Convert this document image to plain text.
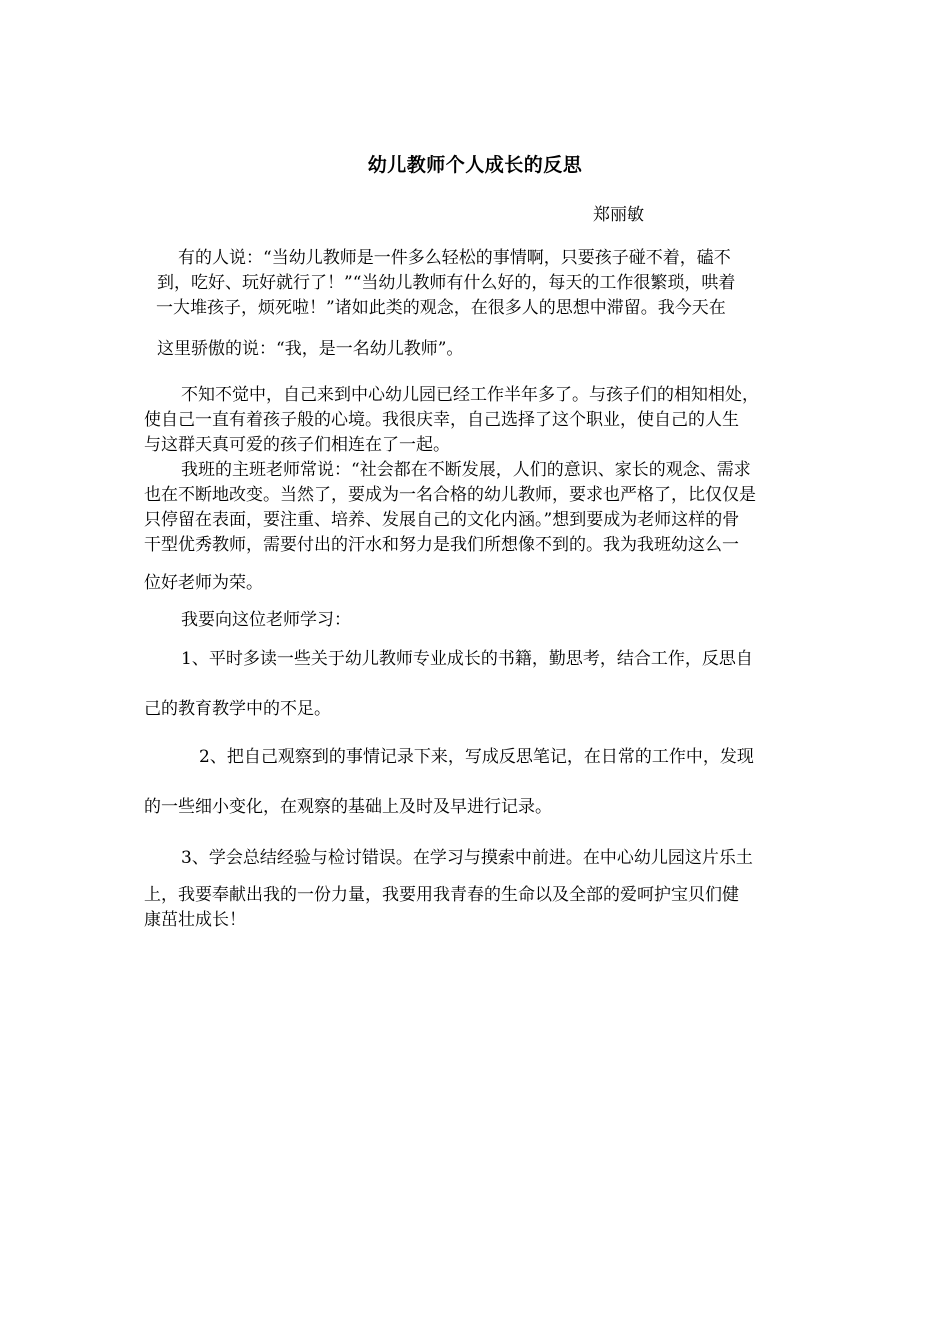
幼儿教师个人成长的反思
郑丽敏
有的人说：“当幼儿教师是一件多么轻松的事情啊，只要孩子碰不着，磕不
到，吃好、玩好就行了！”“当幼儿教师有什么好的，每天的工作很繁琐，哄着
一大堆孩子，烦死啦！”诸如此类的观念，在很多人的思想中滞留。我今天在
这里骄傲的说：“我，是一名幼儿教师”。
不知不觉中，自己来到中心幼儿园已经工作半年多了。与孩子们的相知相处，
使自己一直有着孩子般的心境。我很庆幸，自己选择了这个职业，使自己的人生
与这群天真可爱的孩子们相连在了一起。
我班的主班老师常说：“社会都在不断发展，人们的意识、家长的观念、需求
也在不断地改变。当然了，要成为一名合格的幼儿教师，要求也严格了，比仅仅是
只停留在表面，要注重、培养、发展自己的文化内涵。”想到要成为老师这样的骨
干型优秀教师，需要付出的汗水和努力是我们所想像不到的。我为我班幼这么一
位好老师为荣。
我要向这位老师学习：
1、平时多读一些关于幼儿教师专业成长的书籍，勤思考，结合工作，反思自
己的教育教学中的不足。
2、把自己观察到的事情记录下来，写成反思笔记，在日常的工作中，发现
的一些细小变化，在观察的基础上及时及早进行记录。
3、学会总结经验与检讨错误。在学习与摸索中前进。在中心幼儿园这片乐土
上，我要奉献出我的一份力量，我要用我青春的生命以及全部的爱呵护宝贝们健
康茁壮成长！
